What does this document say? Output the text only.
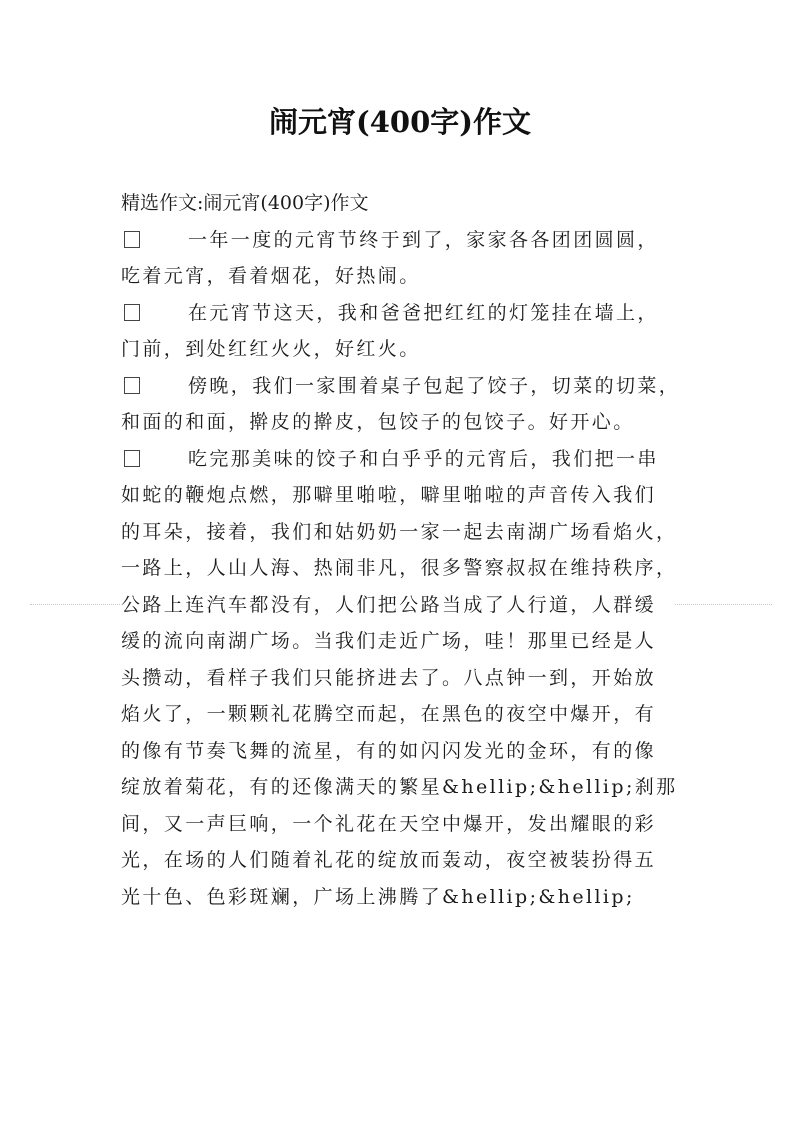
闹元宵(400字)作文
精选作文:闹元宵(400字)作文
一年一度的元宵节终于到了，家家各各团团圆圆，
吃着元宵，看着烟花，好热闹。
在元宵节这天，我和爸爸把红红的灯笼挂在墙上，
门前，到处红红火火，好红火。
傍晚，我们一家围着桌子包起了饺子，切菜的切菜，
和面的和面，擀皮的擀皮，包饺子的包饺子。好开心。
吃完那美味的饺子和白乎乎的元宵后，我们把一串
如蛇的鞭炮点燃，那噼里啪啦，噼里啪啦的声音传入我们
的耳朵，接着，我们和姑奶奶一家一起去南湖广场看焰火，
一路上，人山人海、热闹非凡，很多警察叔叔在维持秩序，
公路上连汽车都没有，人们把公路当成了人行道，人群缓
缓的流向南湖广场。当我们走近广场，哇！那里已经是人
头攒动，看样子我们只能挤进去了。八点钟一到，开始放
焰火了，一颗颗礼花腾空而起，在黑色的夜空中爆开，有
的像有节奏飞舞的流星，有的如闪闪发光的金环，有的像
绽放着菊花，有的还像满天的繁星&hellip;&hellip;刹那
间，又一声巨响，一个礼花在天空中爆开，发出耀眼的彩
光，在场的人们随着礼花的绽放而轰动，夜空被装扮得五
光十色、色彩斑斓，广场上沸腾了&hellip;&hellip;
